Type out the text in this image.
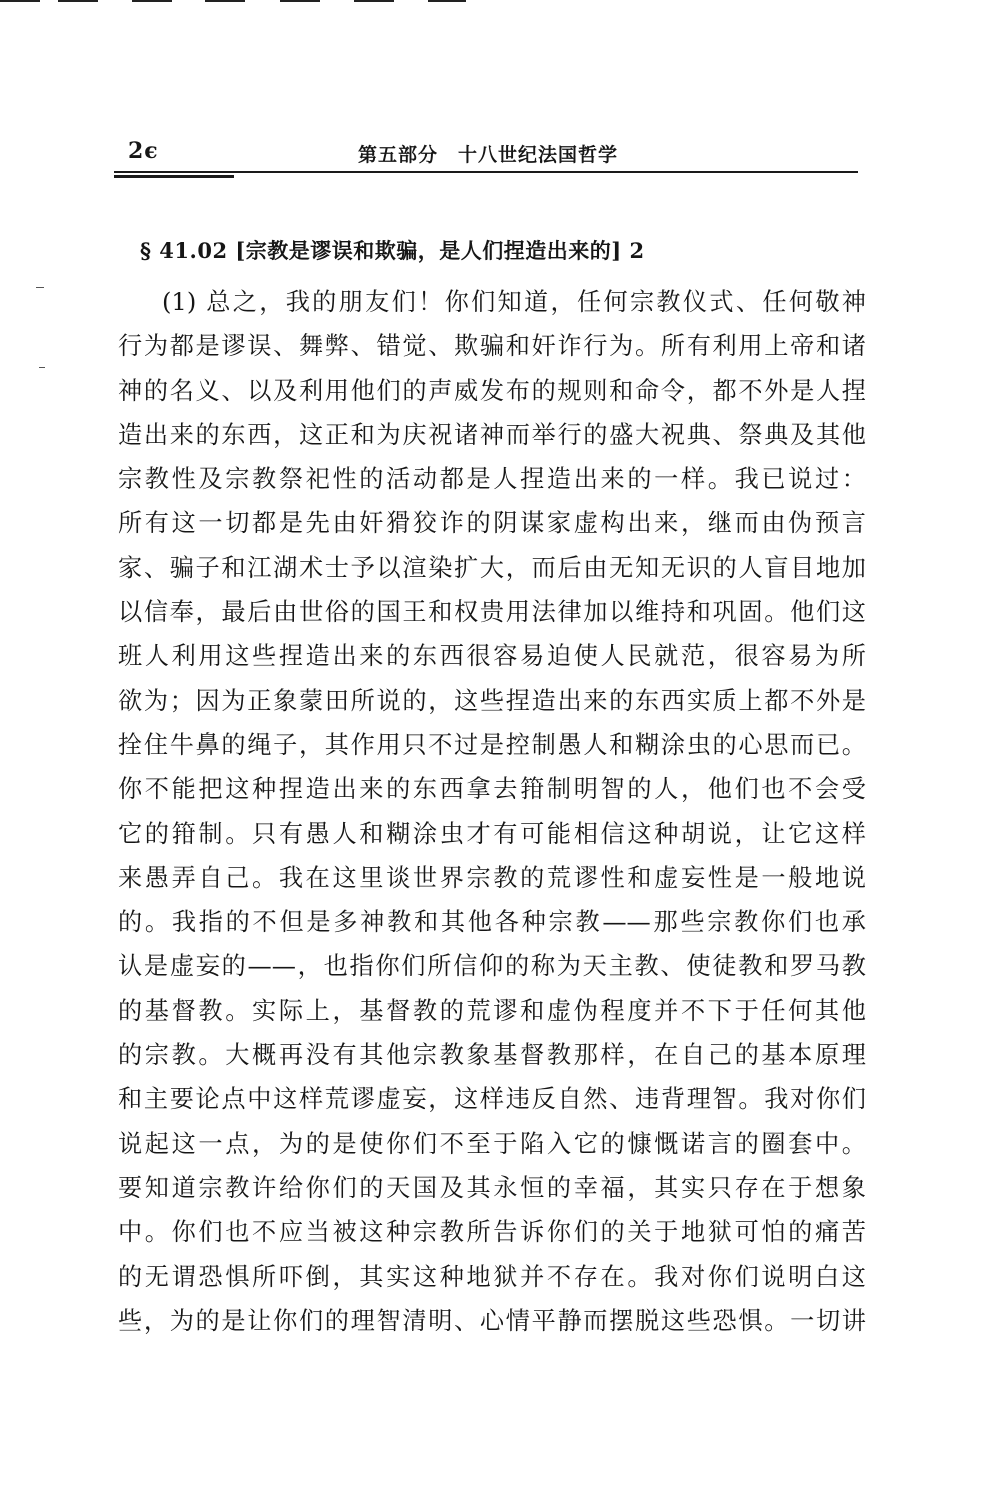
2ϵ	第五部分　十八世纪法国哲学
§ 41.02 [宗教是谬误和欺骗，是人们捏造出来的] 2
(1) 总之，我的朋友们！你们知道，任何宗教仪式、任何敬神
行为都是谬误、舞弊、错觉、欺骗和奸诈行为。所有利用上帝和诸
神的名义、以及利用他们的声威发布的规则和命令，都不外是人捏
造出来的东西，这正和为庆祝诸神而举行的盛大祝典、祭典及其他
宗教性及宗教祭祀性的活动都是人捏造出来的一样。我已说过：
所有这一切都是先由奸猾狡诈的阴谋家虚构出来，继而由伪预言
家、骗子和江湖术士予以渲染扩大，而后由无知无识的人盲目地加
以信奉，最后由世俗的国王和权贵用法律加以维持和巩固。他们这
班人利用这些捏造出来的东西很容易迫使人民就范，很容易为所
欲为；因为正象蒙田所说的，这些捏造出来的东西实质上都不外是
拴住牛鼻的绳子，其作用只不过是控制愚人和糊涂虫的心思而已。
你不能把这种捏造出来的东西拿去箝制明智的人，他们也不会受
它的箝制。只有愚人和糊涂虫才有可能相信这种胡说，让它这样
来愚弄自己。我在这里谈世界宗教的荒谬性和虚妄性是一般地说
的。我指的不但是多神教和其他各种宗教——那些宗教你们也承
认是虚妄的——，也指你们所信仰的称为天主教、使徒教和罗马教
的基督教。实际上，基督教的荒谬和虚伪程度并不下于任何其他
的宗教。大概再没有其他宗教象基督教那样，在自己的基本原理
和主要论点中这样荒谬虚妄，这样违反自然、违背理智。我对你们
说起这一点，为的是使你们不至于陷入它的慷慨诺言的圈套中。
要知道宗教许给你们的天国及其永恒的幸福，其实只存在于想象
中。你们也不应当被这种宗教所告诉你们的关于地狱可怕的痛苦
的无谓恐惧所吓倒，其实这种地狱并不存在。我对你们说明白这
些，为的是让你们的理智清明、心情平静而摆脱这些恐惧。一切讲
